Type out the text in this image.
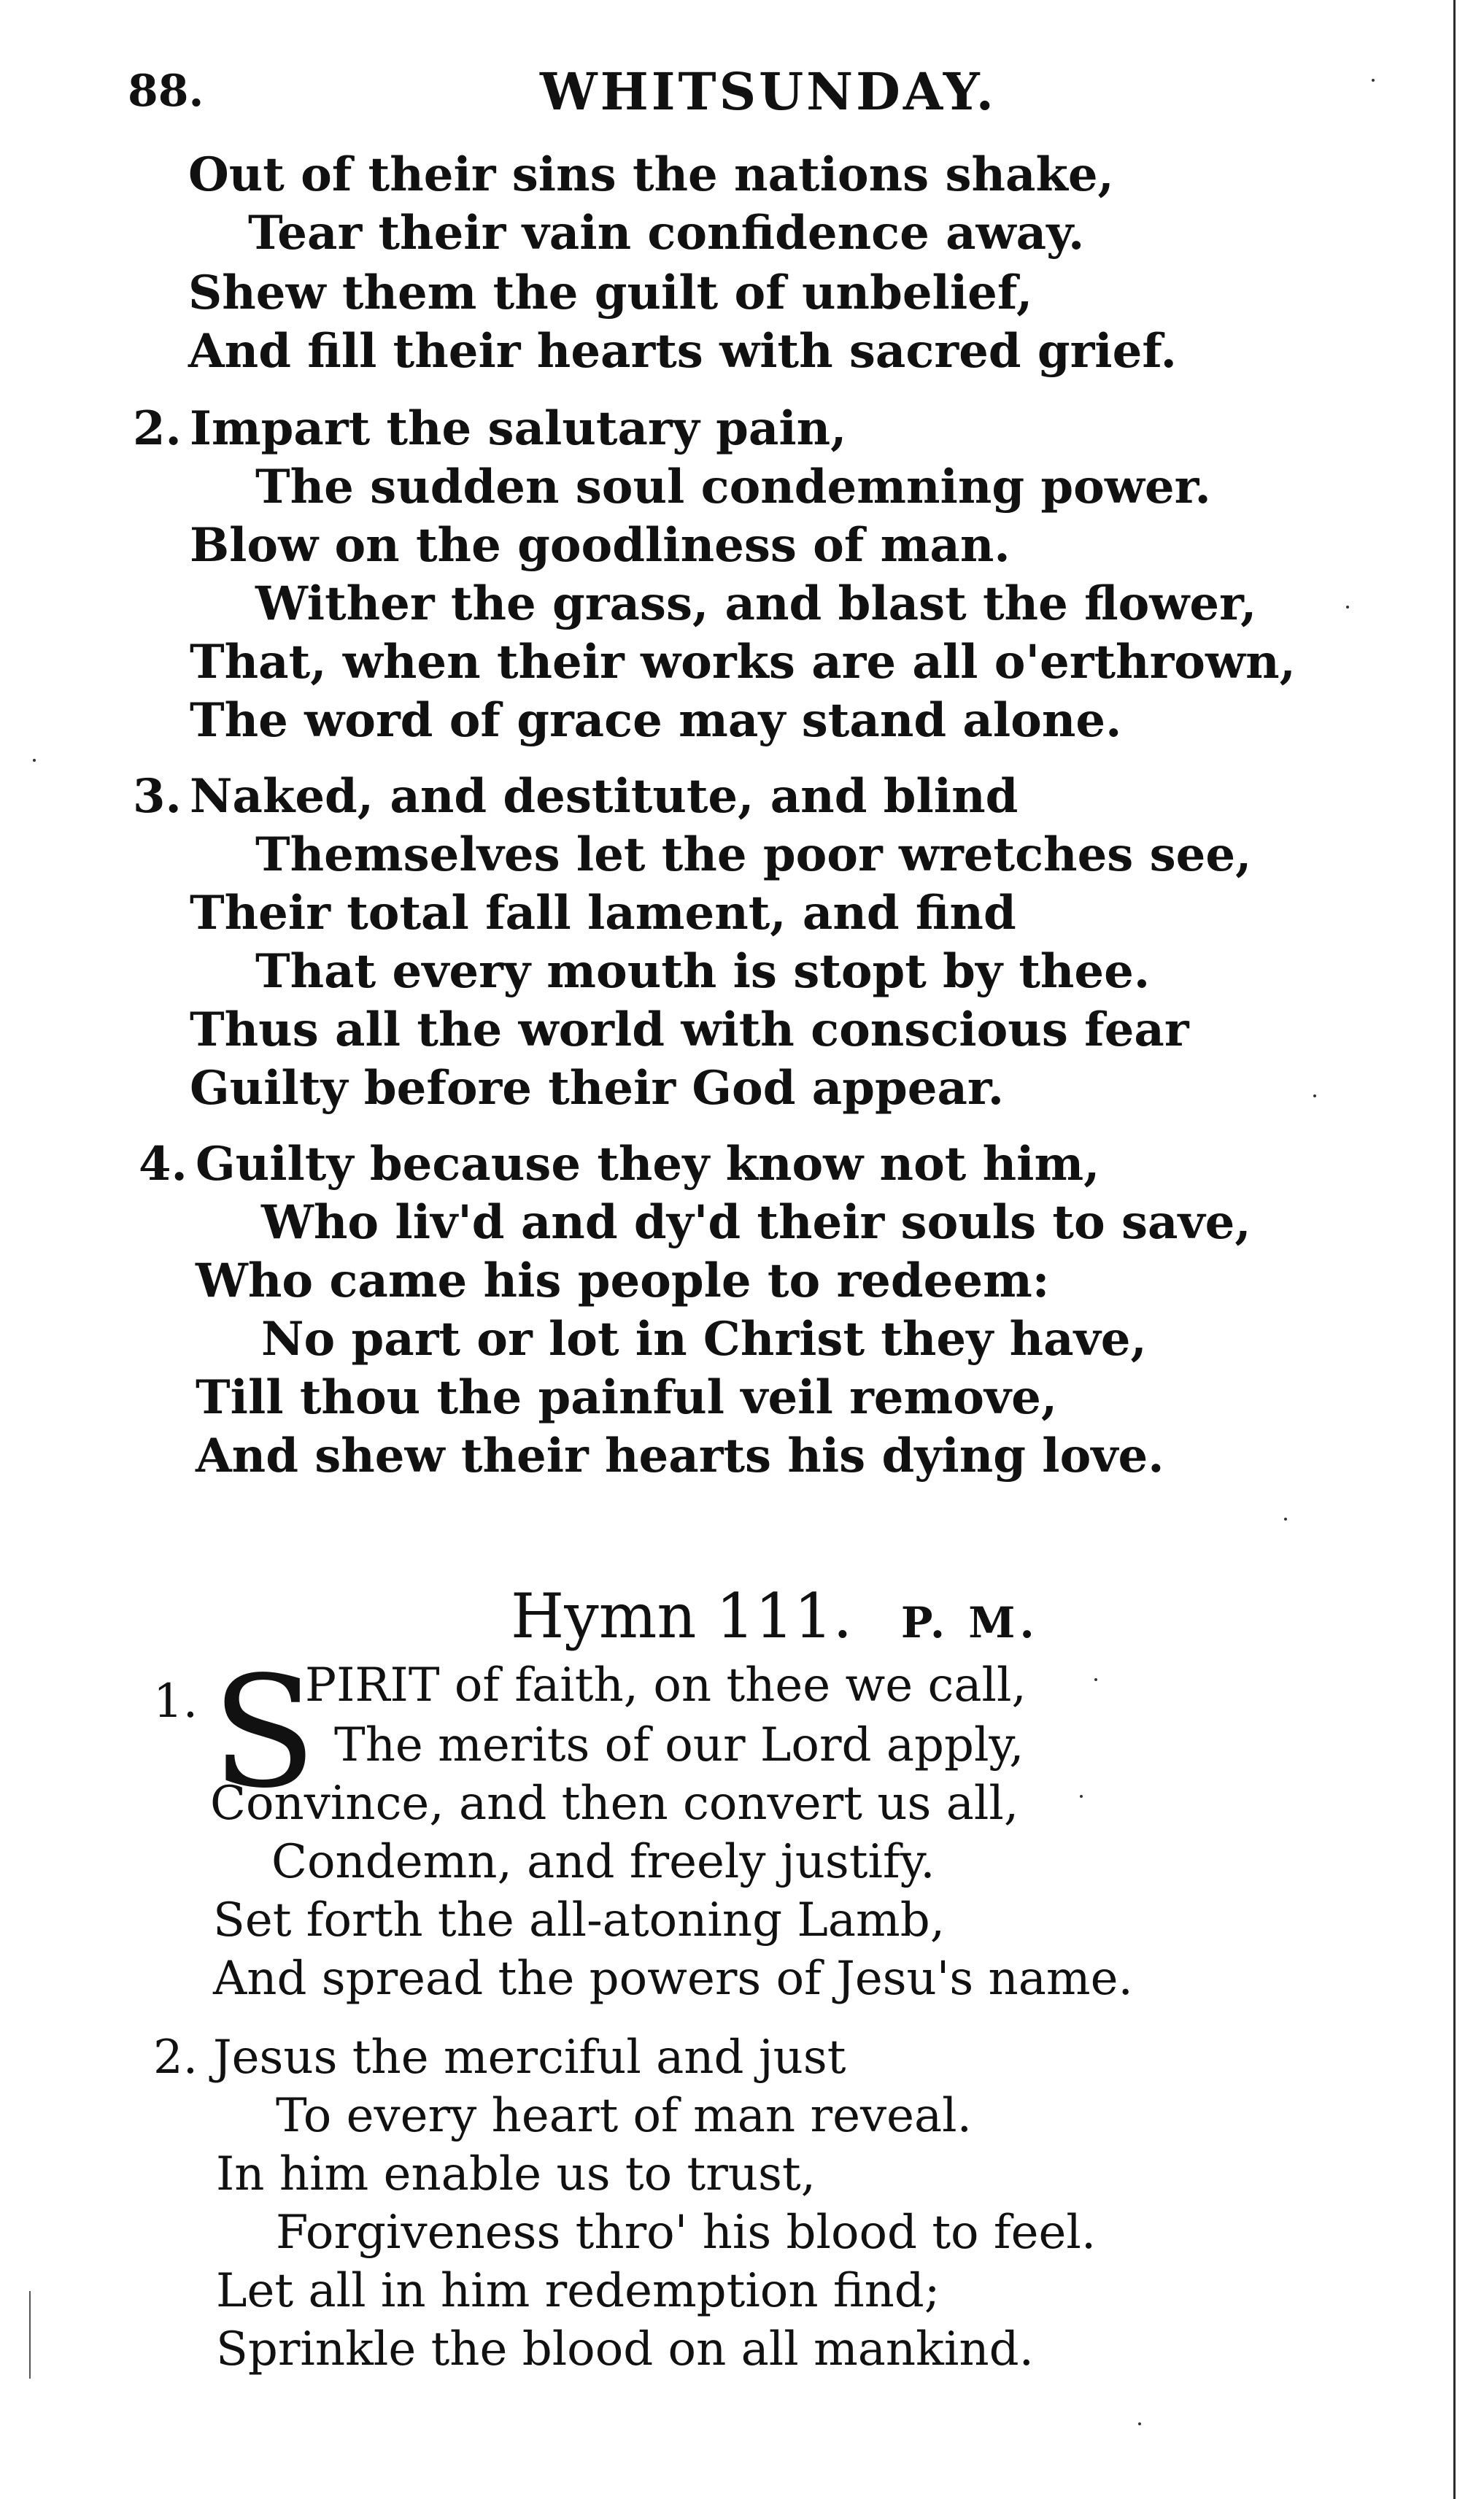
88.	WHITSUNDAY.
Out of their sins the nations shake,
Tear their vain confidence away.
Shew them the guilt of unbelief,
And fill their hearts with sacred grief.
2. Impart the salutary pain,
The sudden soul condemning power.
Blow on the goodliness of man.
Wither the grass, and blast the flower,
That, when their works are all o'erthrown,
The word of grace may stand alone.
3. Naked, and destitute, and blind
Themselves let the poor wretches see,
Their total fall lament, and find
That every mouth is stopt by thee.
Thus all the world with conscious fear
Guilty before their God appear.
4. Guilty because they know not him,
Who liv'd and dy'd their souls to save,
Who came his people to redeem:
No part or lot in Christ they have,
Till thou the painful veil remove,
And shew their hearts his dying love.
Hymn 111. P. M.
1. S
PIRIT of faith, on thee we call,
The merits of our Lord apply,
Convince, and then convert us all,
Condemn, and freely justify.
Set forth the all-atoning Lamb,
And spread the powers of Jesu's name.
2. Jesus the merciful and just
To every heart of man reveal.
In him enable us to trust,
Forgiveness thro' his blood to feel.
Let all in him redemption find;
Sprinkle the blood on all mankind.
